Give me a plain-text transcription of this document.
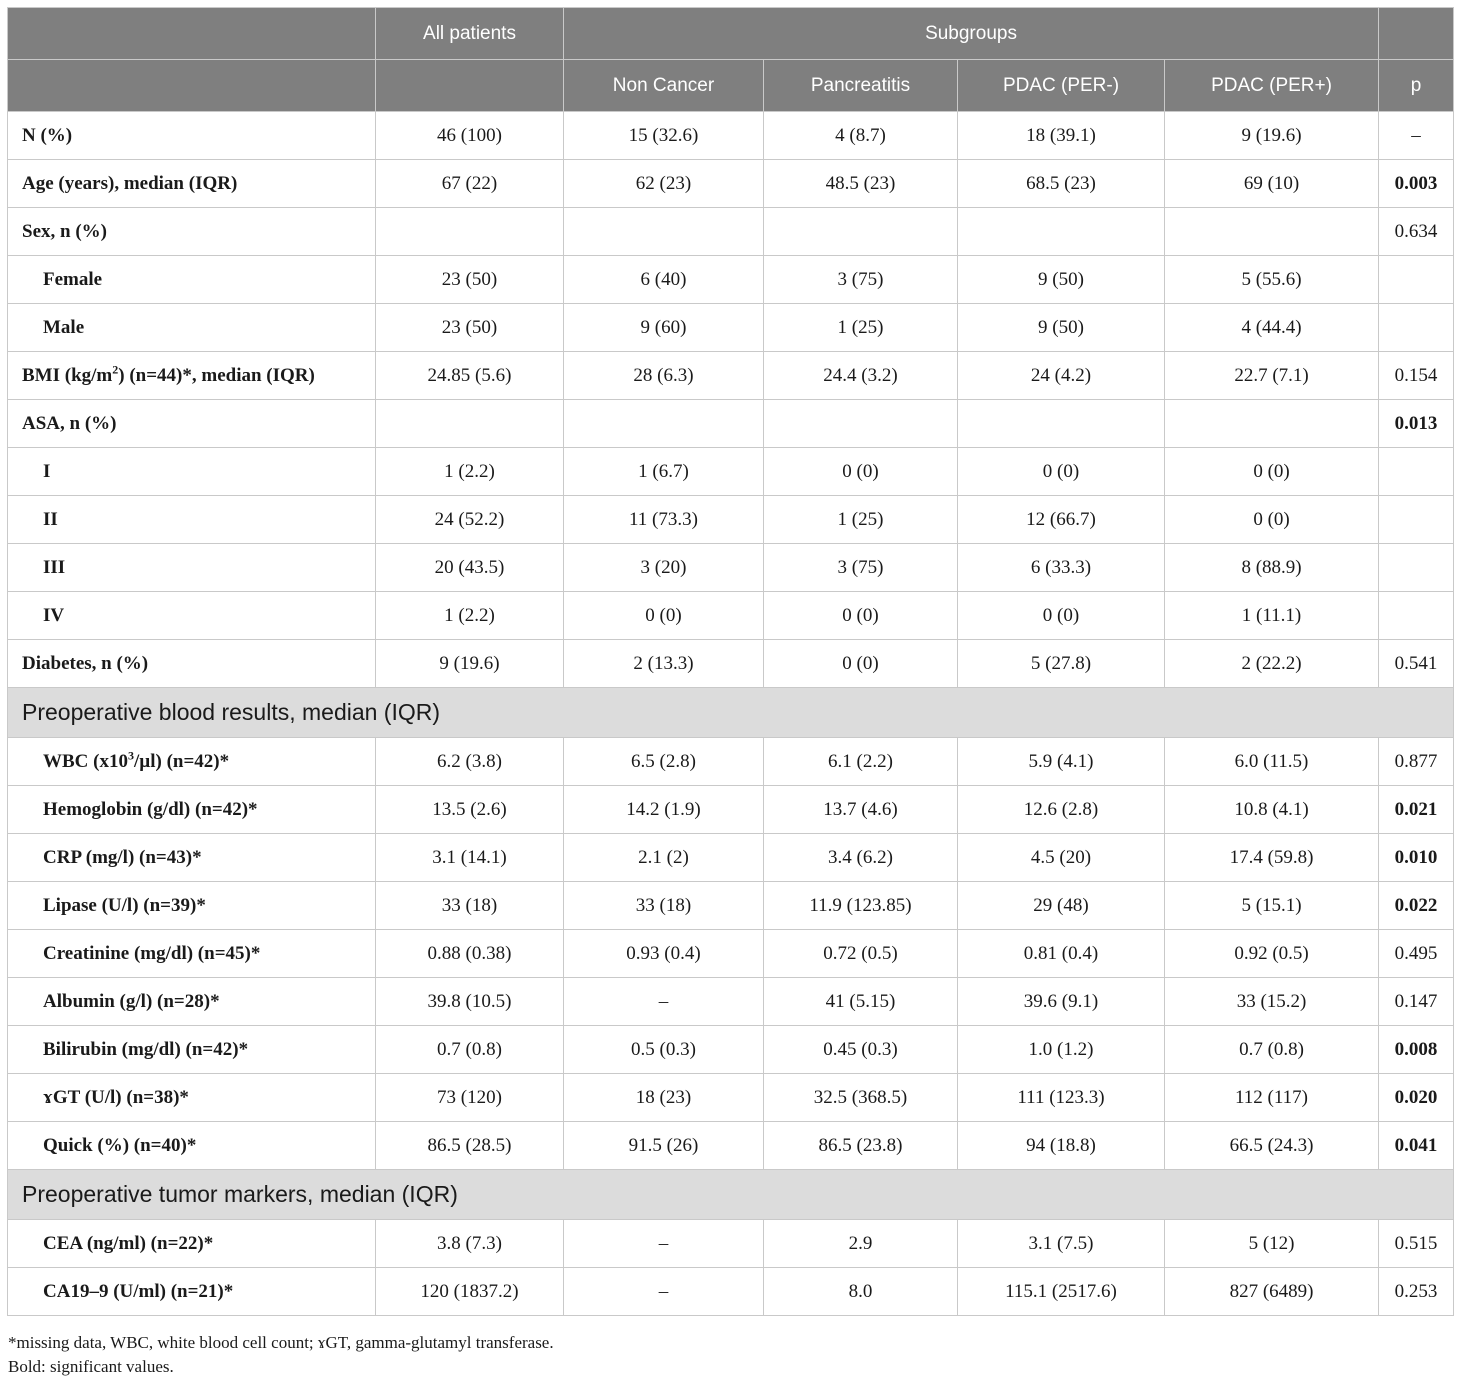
	All patients	Subgroups				
		Non Cancer	Pancreatitis	PDAC (PER-)	PDAC (PER+)	p
N (%)	46 (100)	15 (32.6)	4 (8.7)	18 (39.1)	9 (19.6)	–
Age (years), median (IQR)	67 (22)	62 (23)	48.5 (23)	68.5 (23)	69 (10)	0.003
Sex, n (%)						0.634
Female	23 (50)	6 (40)	3 (75)	9 (50)	5 (55.6)	
Male	23 (50)	9 (60)	1 (25)	9 (50)	4 (44.4)	
BMI $(kg/m^2)$ (n=44)*, median (IQR)	24.85 (5.6)	28 (6.3)	24.4 (3.2)	24 (4.2)	22.7 (7.1)	0.154
ASA, n (%)						0.013
I	1 (2.2)	1 (6.7)	0 (0)	0 (0)	0 (0)	
II	24 (52.2)	11 (73.3)	1 (25)	12 (66.7)	0 (0)	
III	20 (43.5)	3 (20)	3 (75)	6 (33.3)	8 (88.9)	
IV	1 (2.2)	0 (0)	0 (0)	0 (0)	1 (11.1)	
Diabetes, n (%)	9 (19.6)	2 (13.3)	0 (0)	5 (27.8)	2 (22.2)	0.541
Preoperative blood results, median (IQR)						
WBC $(x10^3/\mu l)$ (n=42)*	6.2 (3.8)	6.5 (2.8)	6.1 (2.2)	5.9 (4.1)	6.0 (11.5)	0.877
Hemoglobin (g/dl) (n=42)*	13.5 (2.6)	14.2 (1.9)	13.7 (4.6)	12.6 (2.8)	10.8 (4.1)	0.021
CRP (mg/l) (n=43)*	3.1 (14.1)	2.1 (2)	3.4 (6.2)	4.5 (20)	17.4 (59.8)	0.010
Lipase (U/l) (n=39)*	33 (18)	33 (18)	11.9 (123.85)	29 (48)	5 (15.1)	0.022
Creatinine (mg/dl) (n=45)*	0.88 (0.38)	0.93 (0.4)	0.72 (0.5)	0.81 (0.4)	0.92 (0.5)	0.495
Albumin (g/l) (n=28)*	39.8 (10.5)	–	41 (5.15)	39.6 (9.1)	33 (15.2)	0.147
Bilirubin (mg/dl) (n=42)*	0.7 (0.8)	0.5 (0.3)	0.45 (0.3)	1.0 (1.2)	0.7 (0.8)	0.008
ɤGT (U/l) (n=38)*	73 (120)	18 (23)	32.5 (368.5)	111 (123.3)	112 (117)	0.020
Quick (%) (n=40)*	86.5 (28.5)	91.5 (26)	86.5 (23.8)	94 (18.8)	66.5 (24.3)	0.041
Preoperative tumor markers, median (IQR)						
CEA (ng/ml) (n=22)*	3.8 (7.3)	–	2.9	3.1 (7.5)	5 (12)	0.515
CA19–9 (U/ml) (n=21)*	120 (1837.2)	–	8.0	115.1 (2517.6)	827 (6489)	0.253
*missing data, WBC, white blood cell count; ɤGT, gamma-glutamyl transferase.
Bold: significant values.
